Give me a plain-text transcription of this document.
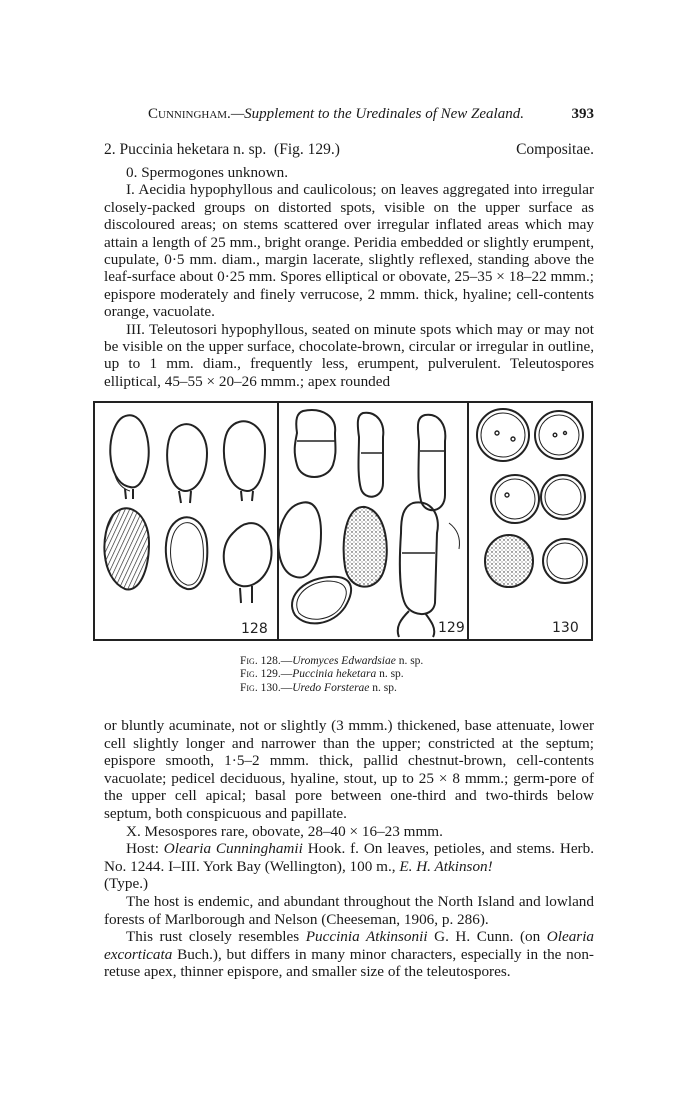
Cunningham.—Supplement to the Uredinales of New Zealand.	393
2. Puccinia heketara n. sp. (Fig. 129.)	Compositae.

0. Spermogones unknown.

I. Aecidia hypophyllous and caulicolous; on leaves aggregated into irregular closely-packed groups on distorted spots, visible on the upper surface as discoloured areas; on stems scattered over irregular inflated areas which may attain a length of 25 mm., bright orange. Peridia embedded or slightly erumpent, cupulate, 0·5 mm. diam., margin lacerate, slightly reflexed, standing above the leaf-surface about 0·25 mm. Spores elliptical or obovate, 25–35 × 18–22 mmm.; epispore moderately and finely verrucose, 2 mmm. thick, hyaline; cell-contents orange, vacuolate.

III. Teleutosori hypophyllous, seated on minute spots which may or may not be visible on the upper surface, chocolate-brown, circular or irregular in outline, up to 1 mm. diam., frequently less, erumpent, pulverulent. Teleutospores elliptical, 45–55 × 20–26 mmm.; apex rounded

128	129	130
Fig. 128.—Uromyces Edwardsiae n. sp.
Fig. 129.—Puccinia heketara n. sp.
Fig. 130.—Uredo Forsterae n. sp.

or bluntly acuminate, not or slightly (3 mmm.) thickened, base attenuate, lower cell slightly longer and narrower than the upper; constricted at the septum; epispore smooth, 1·5–2 mmm. thick, pallid chestnut-brown, cell-contents vacuolate; pedicel deciduous, hyaline, stout, up to 25 × 8 mmm.; germ-pore of the upper cell apical; basal pore between one-third and two-thirds below septum, both conspicuous and papillate.

X. Mesospores rare, obovate, 28–40 × 16–23 mmm.

Host: Olearia Cunninghamii Hook. f. On leaves, petioles, and stems. Herb. No. 1244. I–III. York Bay (Wellington), 100 m., E. H. Atkinson!
(Type.)

The host is endemic, and abundant throughout the North Island and lowland forests of Marlborough and Nelson (Cheeseman, 1906, p. 286).

This rust closely resembles Puccinia Atkinsonii G. H. Cunn. (on Olearia excorticata Buch.), but differs in many minor characters, especially in the non-retuse apex, thinner epispore, and smaller size of the teleutospores.
